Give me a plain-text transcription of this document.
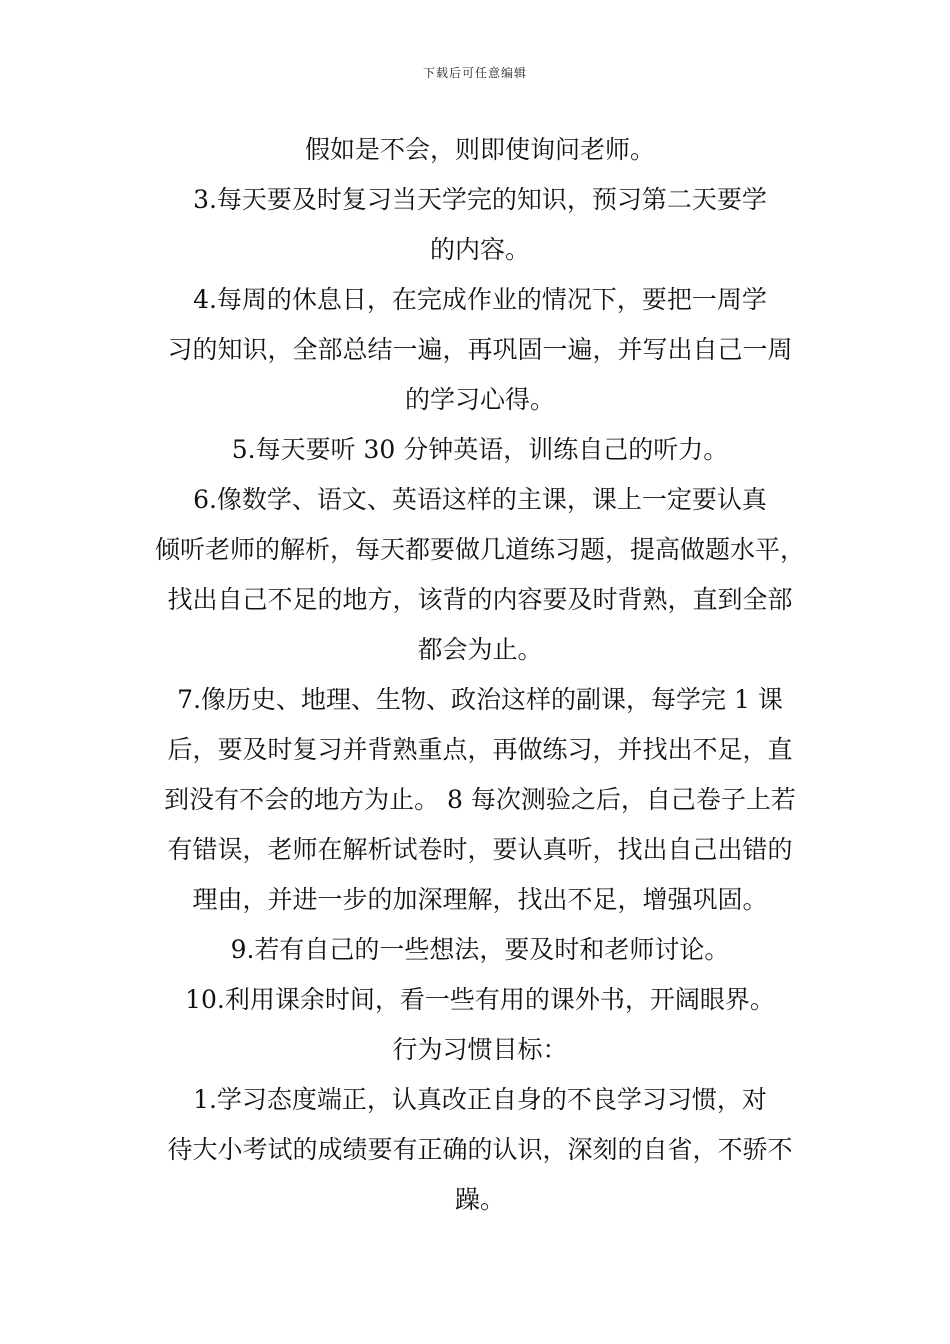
下载后可任意编辑
假如是不会，则即使询问老师。
3.每天要及时复习当天学完的知识，预习第二天要学
的内容。
4.每周的休息日，在完成作业的情况下，要把一周学
习的知识，全部总结一遍，再巩固一遍，并写出自己一周
的学习心得。
5.每天要听 30 分钟英语，训练自己的听力。
6.像数学、语文、英语这样的主课，课上一定要认真
倾听老师的解析，每天都要做几道练习题，提高做题水平，
找出自己不足的地方，该背的内容要及时背熟，直到全部
都会为止。
7.像历史、地理、生物、政治这样的副课，每学完 1 课
后，要及时复习并背熟重点，再做练习，并找出不足，直
到没有不会的地方为止。 8 每次测验之后，自己卷子上若
有错误，老师在解析试卷时，要认真听，找出自己出错的
理由，并进一步的加深理解，找出不足，增强巩固。
9.若有自己的一些想法，要及时和老师讨论。
10.利用课余时间，看一些有用的课外书，开阔眼界。
行为习惯目标：
1.学习态度端正，认真改正自身的不良学习习惯，对
待大小考试的成绩要有正确的认识，深刻的自省，不骄不
躁。
